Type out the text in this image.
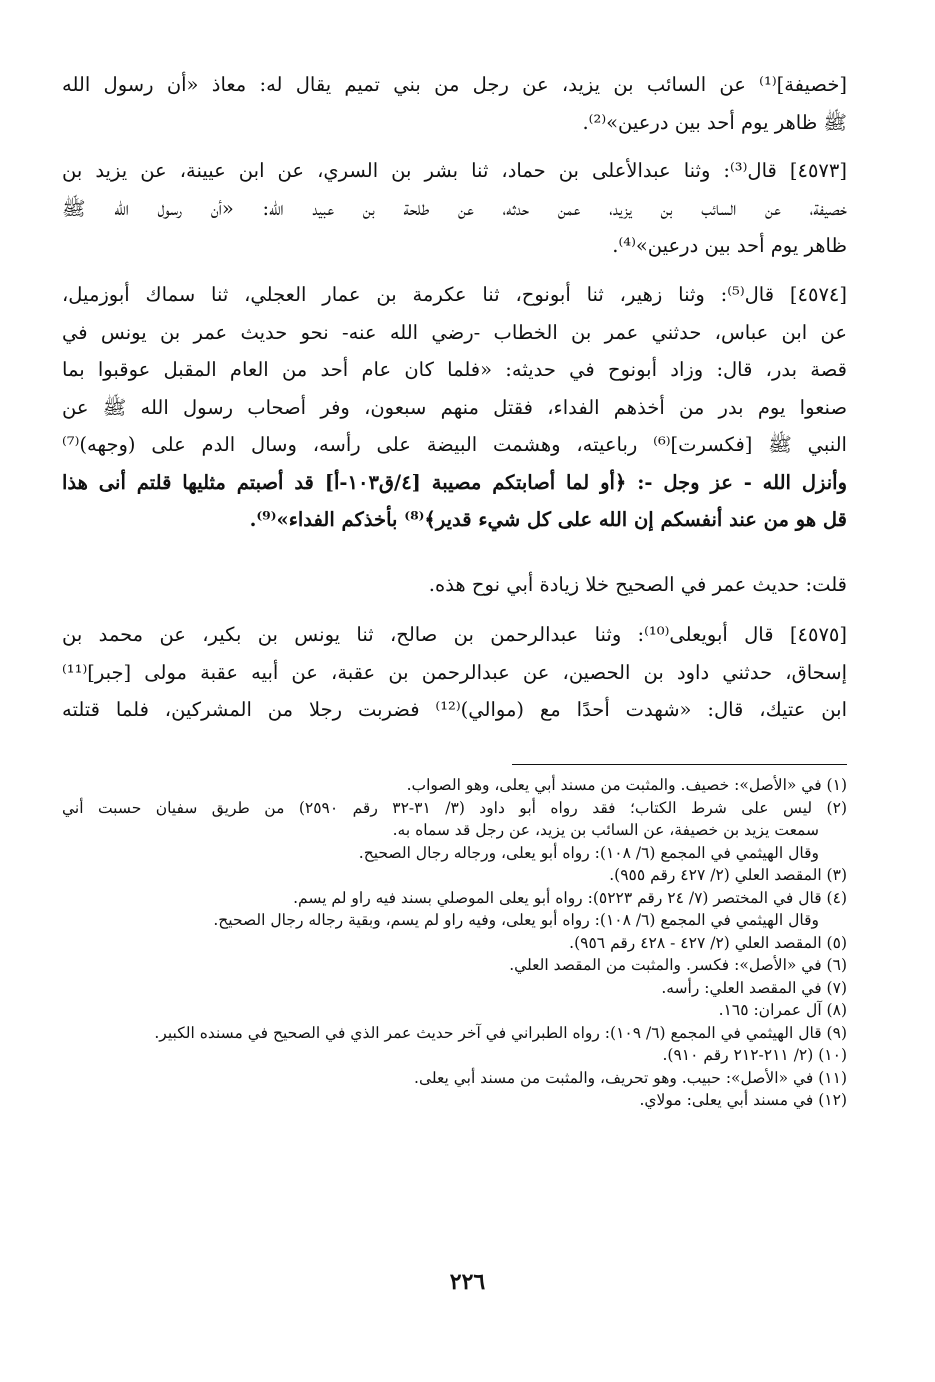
[خصيفة]⁽¹⁾ عن السائب بن يزيد، عن رجل من بني تميم يقال له: معاذ «أن رسول الله
ﷺ ظاهر يوم أحد بين درعين»⁽²⁾.
[٤٥٧٣] قال⁽³⁾: وثنا عبدالأعلى بن حماد، ثنا بشر بن السري، عن ابن عيينة، عن يزيد بن
خصيفة، عن السائب بن يزيد، عمن حدثه، عن طلحة بن عبيد الله: «أن رسول الله ﷺ
ظاهر يوم أحد بين درعين»⁽⁴⁾.
[٤٥٧٤] قال⁽⁵⁾: وثنا زهير، ثنا أبونوح، ثنا عكرمة بن عمار العجلي، ثنا سماك أبوزميل،
عن ابن عباس، حدثني عمر بن الخطاب -رضي الله عنه- نحو حديث عمر بن يونس في
قصة بدر، قال: وزاد أبونوح في حديثه: «فلما كان عام أحد من العام المقبل عوقبوا بما
صنعوا يوم بدر من أخذهم الفداء، فقتل منهم سبعون، وفر أصحاب رسول الله ﷺ عن
النبي ﷺ [فكسرت]⁽⁶⁾ رباعيته، وهشمت البيضة على رأسه، وسال الدم على (وجهه)⁽⁷⁾
وأنزل الله - عز وجل -: ﴿أو لما أصابتكم مصيبة [٤/ق١٠٣-أ] قد أصبتم مثليها قلتم أنى هذا
قل هو من عند أنفسكم إن الله على كل شيء قدير﴾⁽⁸⁾ بأخذكم الفداء»⁽⁹⁾.
قلت: حديث عمر في الصحيح خلا زيادة أبي نوح هذه.
[٤٥٧٥] قال أبويعلى⁽¹⁰⁾: وثنا عبدالرحمن بن صالح، ثنا يونس بن بكير، عن محمد بن
إسحاق، حدثني داود بن الحصين، عن عبدالرحمن بن عقبة، عن أبيه عقبة مولى [جبر]⁽¹¹⁾
ابن عتيك، قال: «شهدت أحدًا مع (موالي)⁽¹²⁾ فضربت رجلا من المشركين، فلما قتلته
(١) في «الأصل»: خصيف. والمثبت من مسند أبي يعلى، وهو الصواب.
(٢) ليس على شرط الكتاب؛ فقد رواه أبو داود (٣/ ٣١-٣٢ رقم ٢٥٩٠) من طريق سفيان حسبت أني
سمعت يزيد بن خصيفة، عن السائب بن يزيد، عن رجل قد سماه به.
وقال الهيثمي في المجمع (٦/ ١٠٨): رواه أبو يعلى، ورجاله رجال الصحيح.
(٣) المقصد العلي (٢/ ٤٢٧ رقم ٩٥٥).
(٤) قال في المختصر (٧/ ٢٤ رقم ٥٢٢٣): رواه أبو يعلى الموصلي بسند فيه راو لم يسم.
وقال الهيثمي في المجمع (٦/ ١٠٨): رواه أبو يعلى، وفيه راو لم يسم، وبقية رجاله رجال الصحيح.
(٥) المقصد العلي (٢/ ٤٢٧ - ٤٢٨ رقم ٩٥٦).
(٦) في «الأصل»: فكسر. والمثبت من المقصد العلي.
(٧) في المقصد العلي: رأسه.
(٨) آل عمران: ١٦٥.
(٩) قال الهيثمي في المجمع (٦/ ١٠٩): رواه الطبراني في آخر حديث عمر الذي في الصحيح في مسنده الكبير.
(١٠) (٢/ ٢١١-٢١٢ رقم ٩١٠).
(١١) في «الأصل»: حبيب. وهو تحريف، والمثبت من مسند أبي يعلى.
(١٢) في مسند أبي يعلى: مولاي.
٢٢٦
